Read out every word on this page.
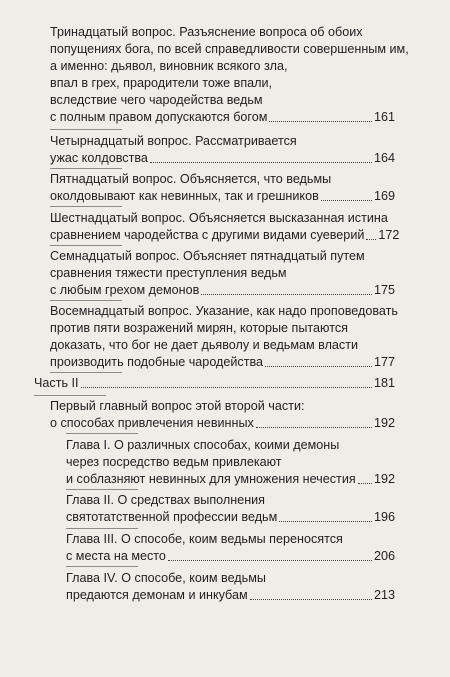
Тринадцатый вопрос. Разъяснение вопроса об обоих
попущениях бога, по всей справедливости совершенным им,
а именно: дьявол, виновник всякого зла,
впал в грех, прародители тоже впали,
вследствие чего чародейства ведьм
с полным правом допускаются богом	161
Четырнадцатый вопрос. Рассматривается
ужас колдовства	164
Пятнадцатый вопрос. Объясняется, что ведьмы
околдовывают как невинных, так и грешников	169
Шестнадцатый вопрос. Объясняется высказанная истина
сравнением чародейства с другими видами суеверий 172
Семнадцатый вопрос. Объясняет пятнадцатый путем
сравнения тяжести преступления ведьм
с любым грехом демонов	175
Восемнадцатый вопрос. Указание, как надо проповедовать
против пяти возражений мирян, которые пытаются
доказать, что бог не дает дьяволу и ведьмам власти
производить подобные чародейства	177
Часть II	181
Первый главный вопрос этой второй части:
о способах привлечения невинных	192
Глава I. О различных способах, коими демоны
через посредство ведьм привлекают
и соблазняют невинных для умножения нечестия 192
Глава II. О средствах выполнения
святотатственной профессии ведьм	196
Глава III. О способе, коим ведьмы переносятся
с места на место	206
Глава IV. О способе, коим ведьмы
предаются демонам и инкубам	213
